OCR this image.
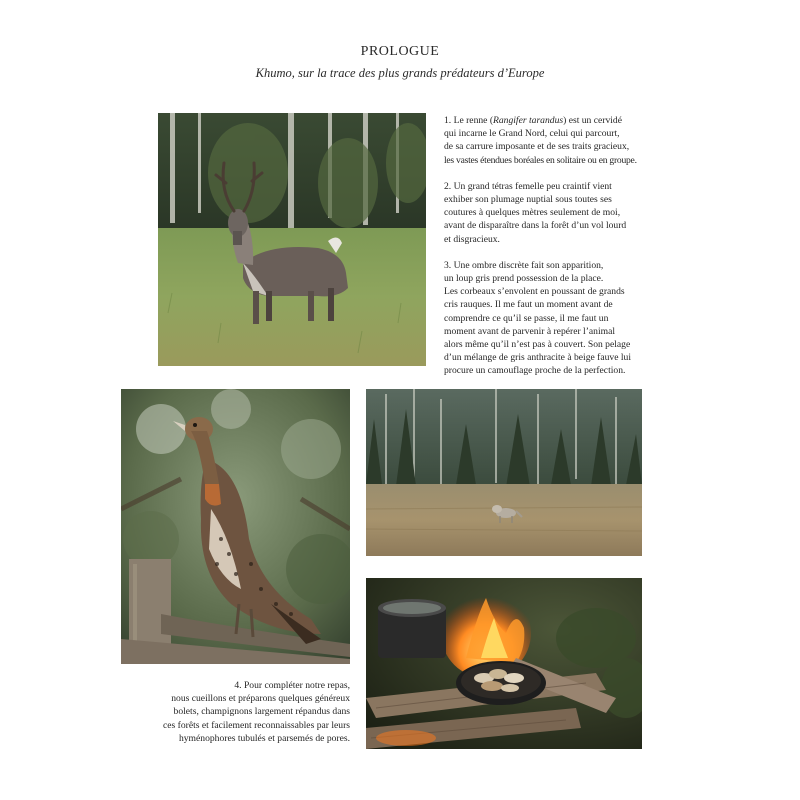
PROLOGUE
Khumo, sur la trace des plus grands prédateurs d’Europe

1. Le renne (Rangifer tarandus) est un cervidé
qui incarne le Grand Nord, celui qui parcourt,
de sa carrure imposante et de ses traits gracieux,
les vastes étendues boréales en solitaire ou en groupe.

2. Un grand tétras femelle peu craintif vient
exhiber son plumage nuptial sous toutes ses
coutures à quelques mètres seulement de moi,
avant de disparaître dans la forêt d’un vol lourd
et disgracieux.

3. Une ombre discrète fait son apparition,
un loup gris prend possession de la place.
Les corbeaux s’envolent en poussant de grands
cris rauques. Il me faut un moment avant de
comprendre ce qu’il se passe, il me faut un
moment avant de parvenir à repérer l’animal
alors même qu’il n’est pas à couvert. Son pelage
d’un mélange de gris anthracite à beige fauve lui
procure un camouflage proche de la perfection.

4. Pour compléter notre repas,
nous cueillons et préparons quelques généreux
bolets, champignons largement répandus dans
ces forêts et facilement reconnaissables par leurs
hyménophores tubulés et parsemés de pores.
